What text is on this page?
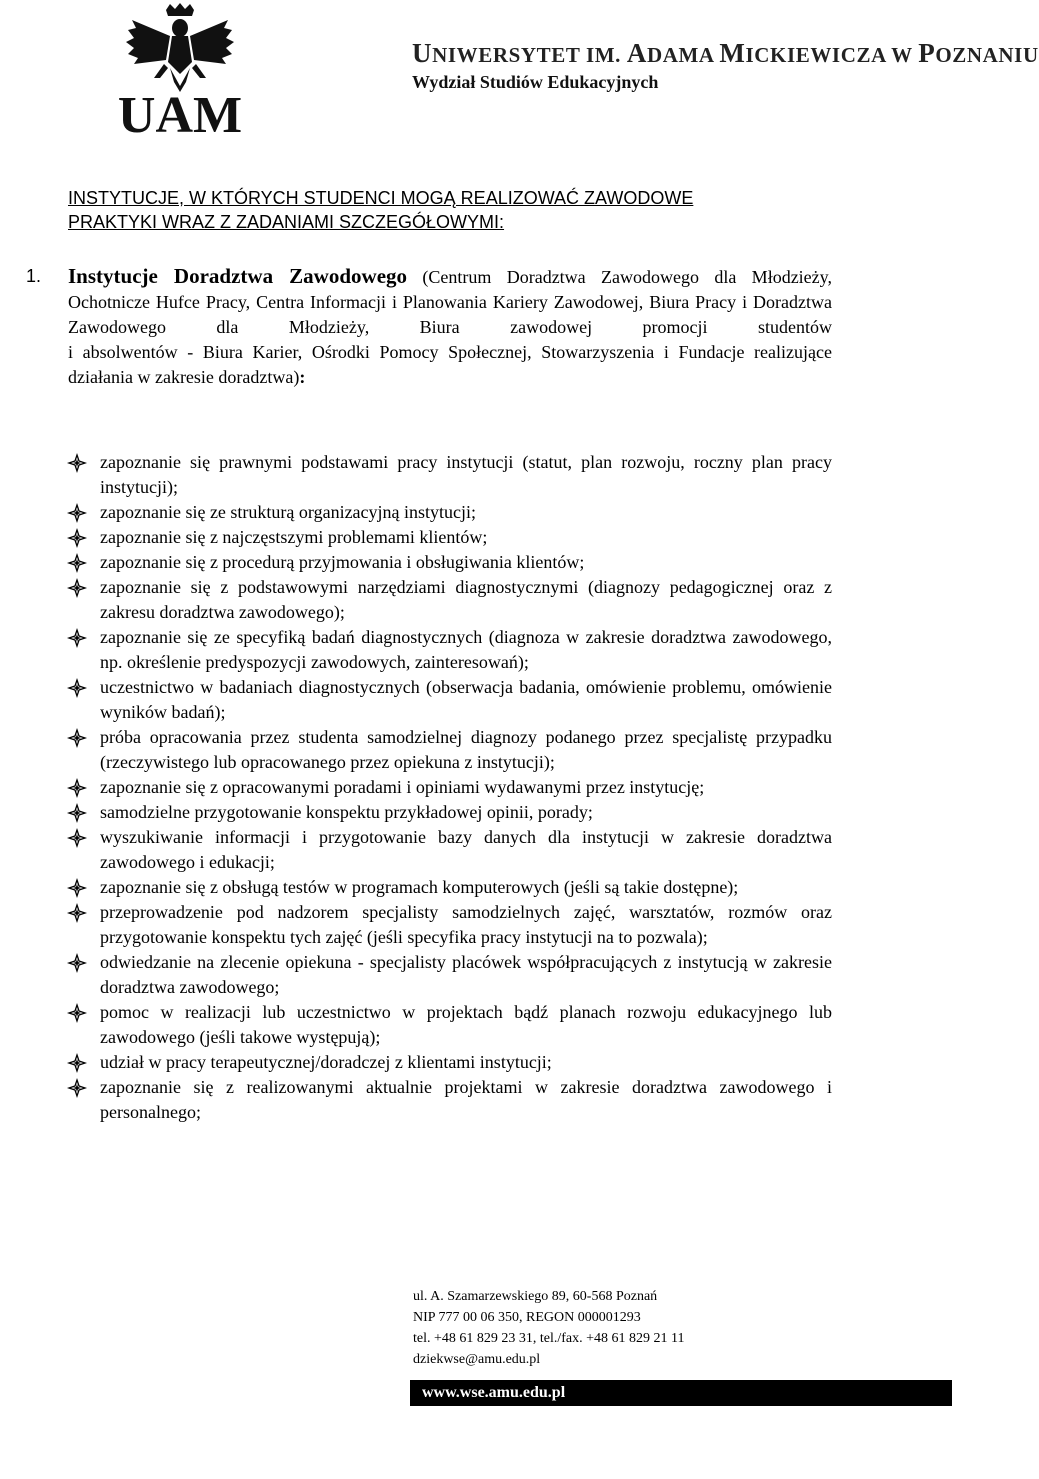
UAM
UNIWERSYTET IM. ADAMA MICKIEWICZA W POZNANIU
Wydział Studiów Edukacyjnych
INSTYTUCJE, W KTÓRYCH STUDENCI MOGĄ REALIZOWAĆ ZAWODOWE
PRAKTYKI WRAZ Z ZADANIAMI SZCZEGÓŁOWYMI:
1. Instytucje Doradztwa Zawodowego (Centrum Doradztwa Zawodowego dla Młodzieży, Ochotnicze Hufce Pracy, Centra Informacji i Planowania Kariery Zawodowej, Biura Pracy i Doradztwa Zawodowego dla Młodzieży, Biura zawodowej promocji studentów
i absolwentów - Biura Karier, Ośrodki Pomocy Społecznej, Stowarzyszenia i Fundacje realizujące działania w zakresie doradztwa):
zapoznanie się prawnymi podstawami pracy instytucji (statut, plan rozwoju, roczny plan pracy instytucji);
zapoznanie się ze strukturą organizacyjną instytucji;
zapoznanie się z najczęstszymi problemami klientów;
zapoznanie się z procedurą przyjmowania i obsługiwania klientów;
zapoznanie się z podstawowymi narzędziami diagnostycznymi (diagnozy pedagogicznej oraz z zakresu doradztwa zawodowego);
zapoznanie się ze specyfiką badań diagnostycznych (diagnoza w zakresie doradztwa zawodowego, np. określenie predyspozycji zawodowych, zainteresowań);
uczestnictwo w badaniach diagnostycznych (obserwacja badania, omówienie problemu, omówienie wyników badań);
próba opracowania przez studenta samodzielnej diagnozy podanego przez specjalistę przypadku (rzeczywistego lub opracowanego przez opiekuna z instytucji);
zapoznanie się z opracowanymi poradami i opiniami wydawanymi przez instytucję;
samodzielne przygotowanie konspektu przykładowej opinii, porady;
wyszukiwanie informacji i przygotowanie bazy danych dla instytucji w zakresie doradztwa zawodowego i edukacji;
zapoznanie się z obsługą testów w programach komputerowych (jeśli są takie dostępne);
przeprowadzenie pod nadzorem specjalisty samodzielnych zajęć, warsztatów, rozmów oraz przygotowanie konspektu tych zajęć (jeśli specyfika pracy instytucji na to pozwala);
odwiedzanie na zlecenie opiekuna - specjalisty placówek współpracujących z instytucją w zakresie doradztwa zawodowego;
pomoc w realizacji lub uczestnictwo w projektach bądź planach rozwoju edukacyjnego lub zawodowego (jeśli takowe występują);
udział w pracy terapeutycznej/doradczej z klientami instytucji;
zapoznanie się z realizowanymi aktualnie projektami w zakresie doradztwa zawodowego i personalnego;
ul. A. Szamarzewskiego 89, 60-568 Poznań
NIP 777 00 06 350, REGON 000001293
tel. +48 61 829 23 31, tel./fax. +48 61 829 21 11
dziekwse@amu.edu.pl
www.wse.amu.edu.pl
